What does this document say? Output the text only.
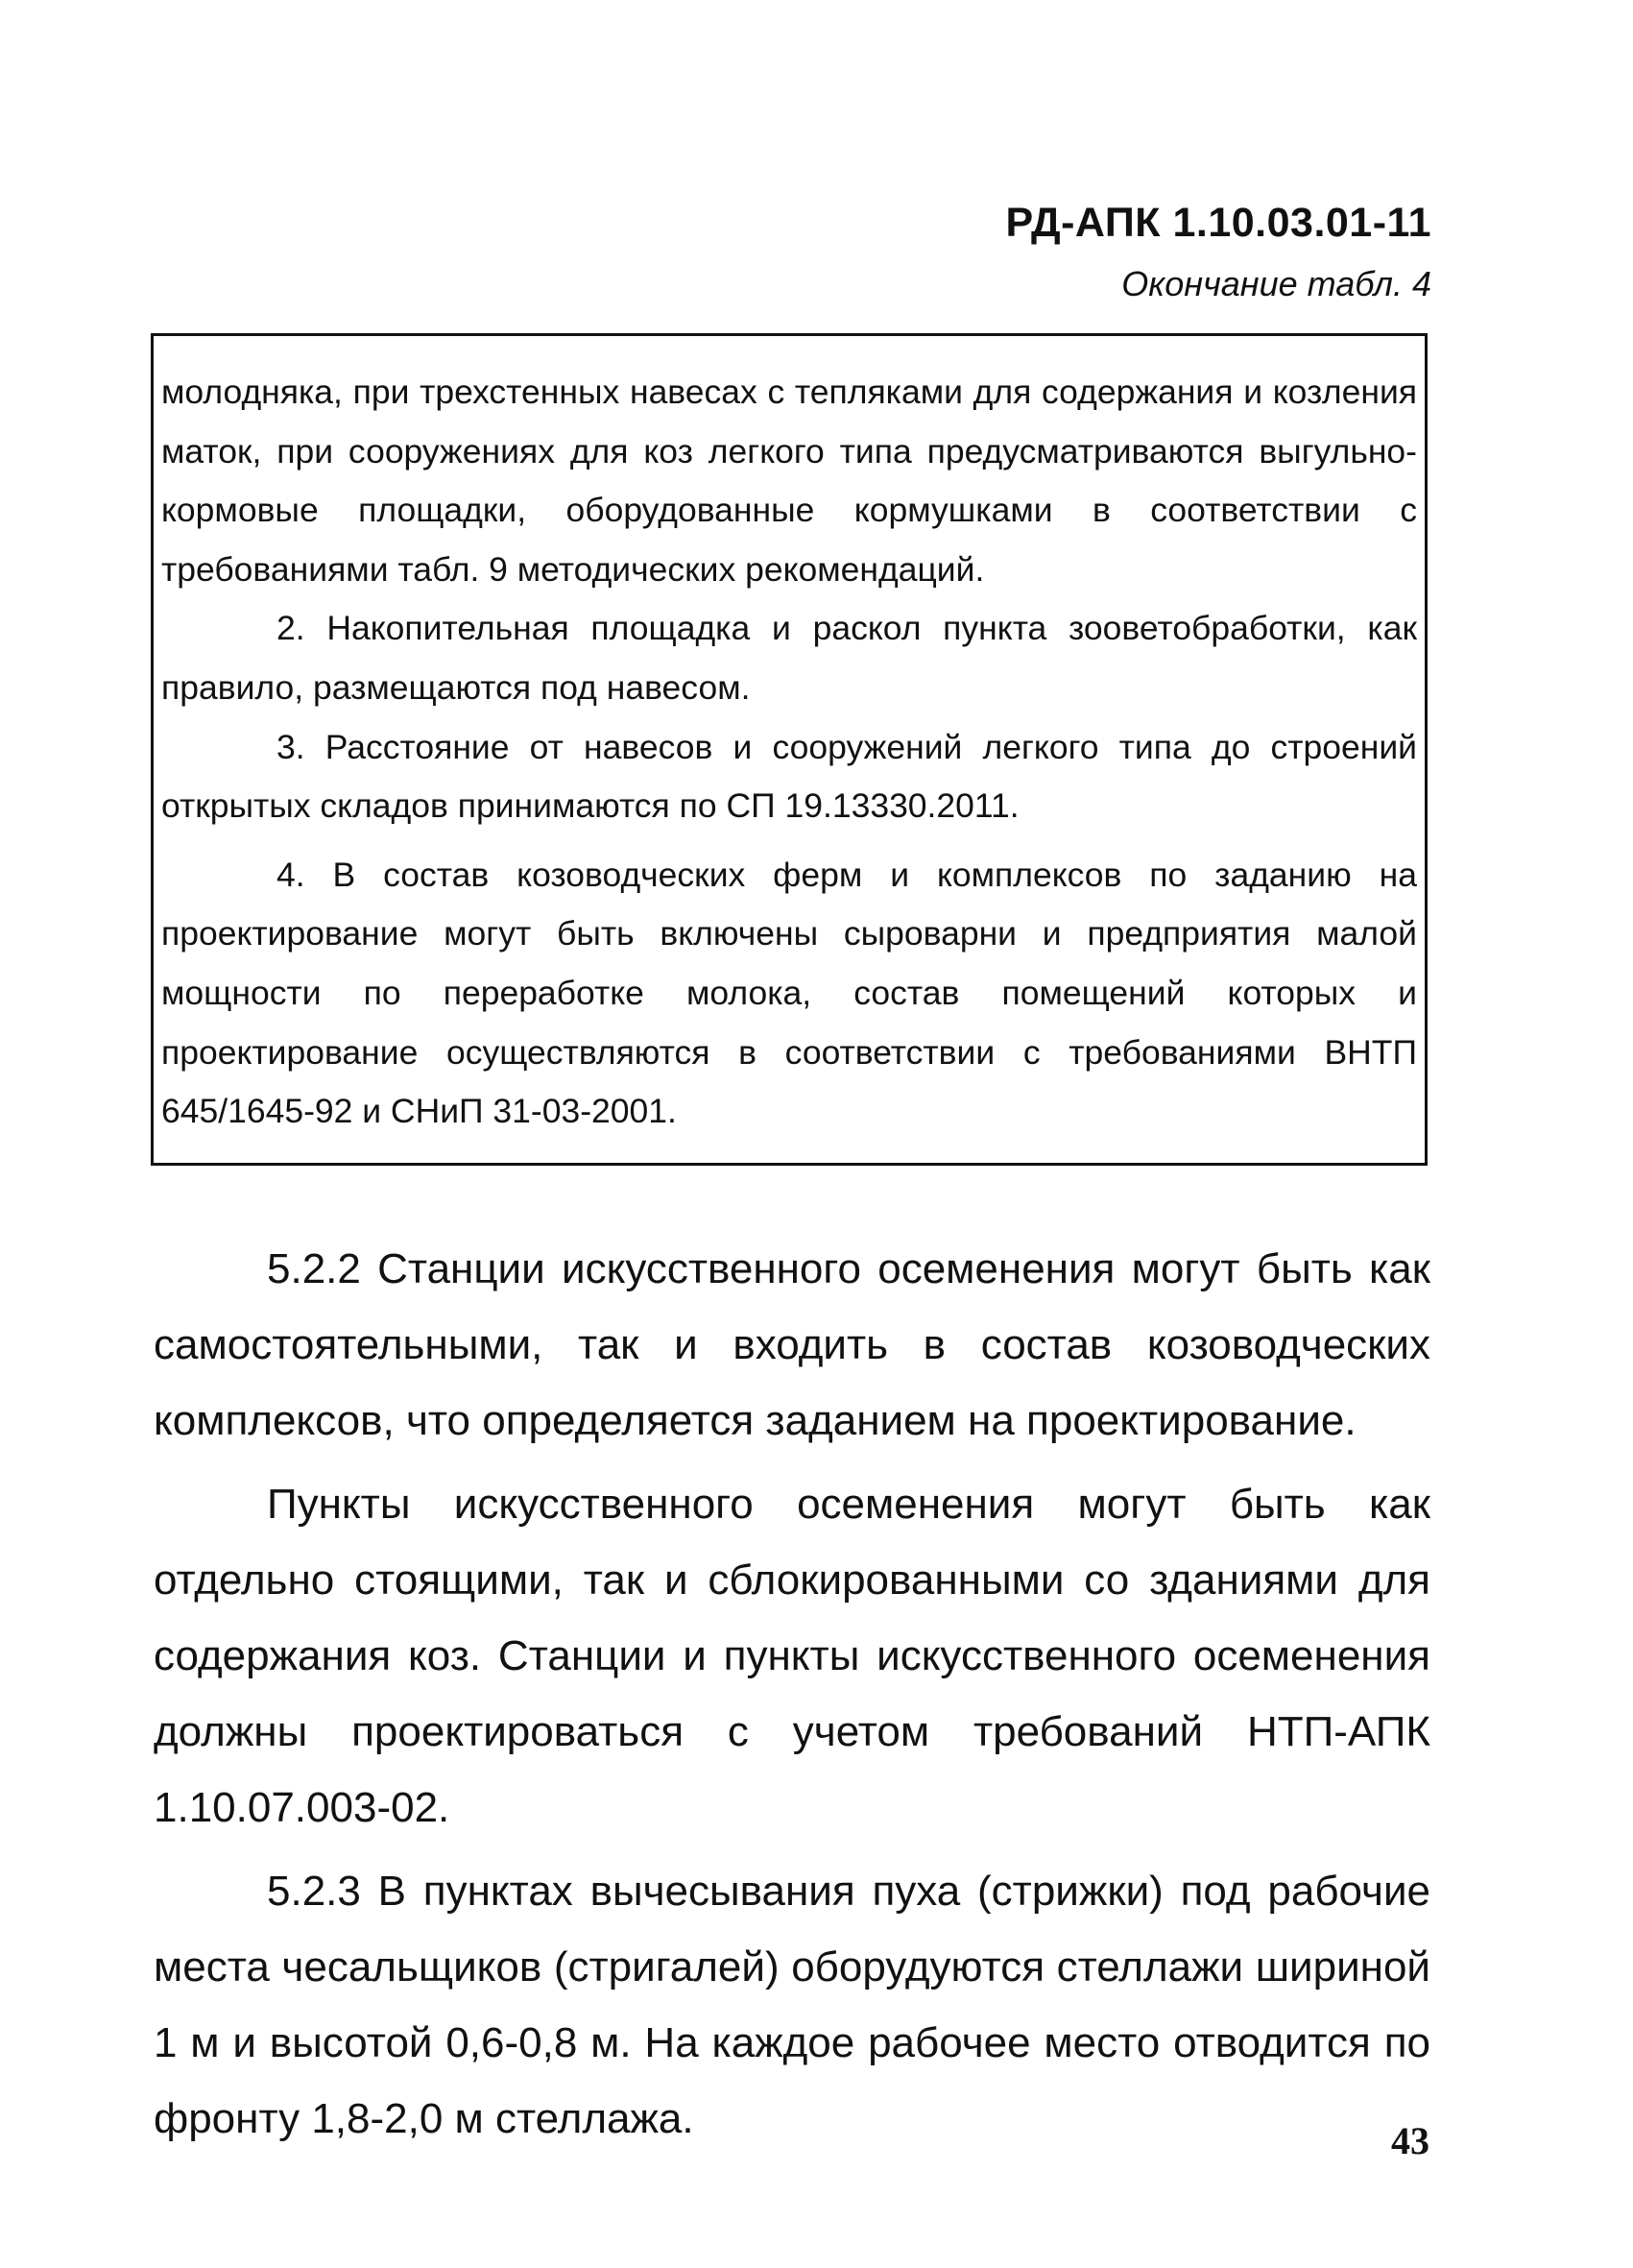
РД-АПК 1.10.03.01-11
Окончание табл. 4

молодняка, при трехстенных навесах с тепляками для содержания и козления маток, при сооружениях для коз легкого типа предусматриваются выгульно-кормовые площадки, оборудованные кормушками в соответствии с требованиями табл. 9 методических рекомендаций.

2. Накопительная площадка и раскол пункта зооветобработки, как правило, размещаются под навесом.

3. Расстояние от навесов и сооружений легкого типа до строений открытых складов принимаются по СП 19.13330.2011.

4. В состав козоводческих ферм и комплексов по заданию на проектирование могут быть включены сыроварни и предприятия малой мощности по переработке молока, состав помещений которых и проектирование осуществляются в соответствии с требованиями ВНТП 645/1645-92 и СНиП 31-03-2001.

5.2.2 Станции искусственного осеменения могут быть как самостоятельными, так и входить в состав козоводческих комплексов, что определяется заданием на проектирование.

Пункты искусственного осеменения могут быть как отдельно стоящими, так и сблокированными со зданиями для содержания коз. Станции и пункты искусственного осеменения должны проектироваться с учетом требований НТП-АПК 1.10.07.003-02.

5.2.3 В пунктах вычесывания пуха (стрижки) под рабочие места чесальщиков (стригалей) оборудуются стеллажи шириной 1 м и высотой 0,6-0,8 м. На каждое рабочее место отводится по фронту 1,8-2,0 м стеллажа.	43
